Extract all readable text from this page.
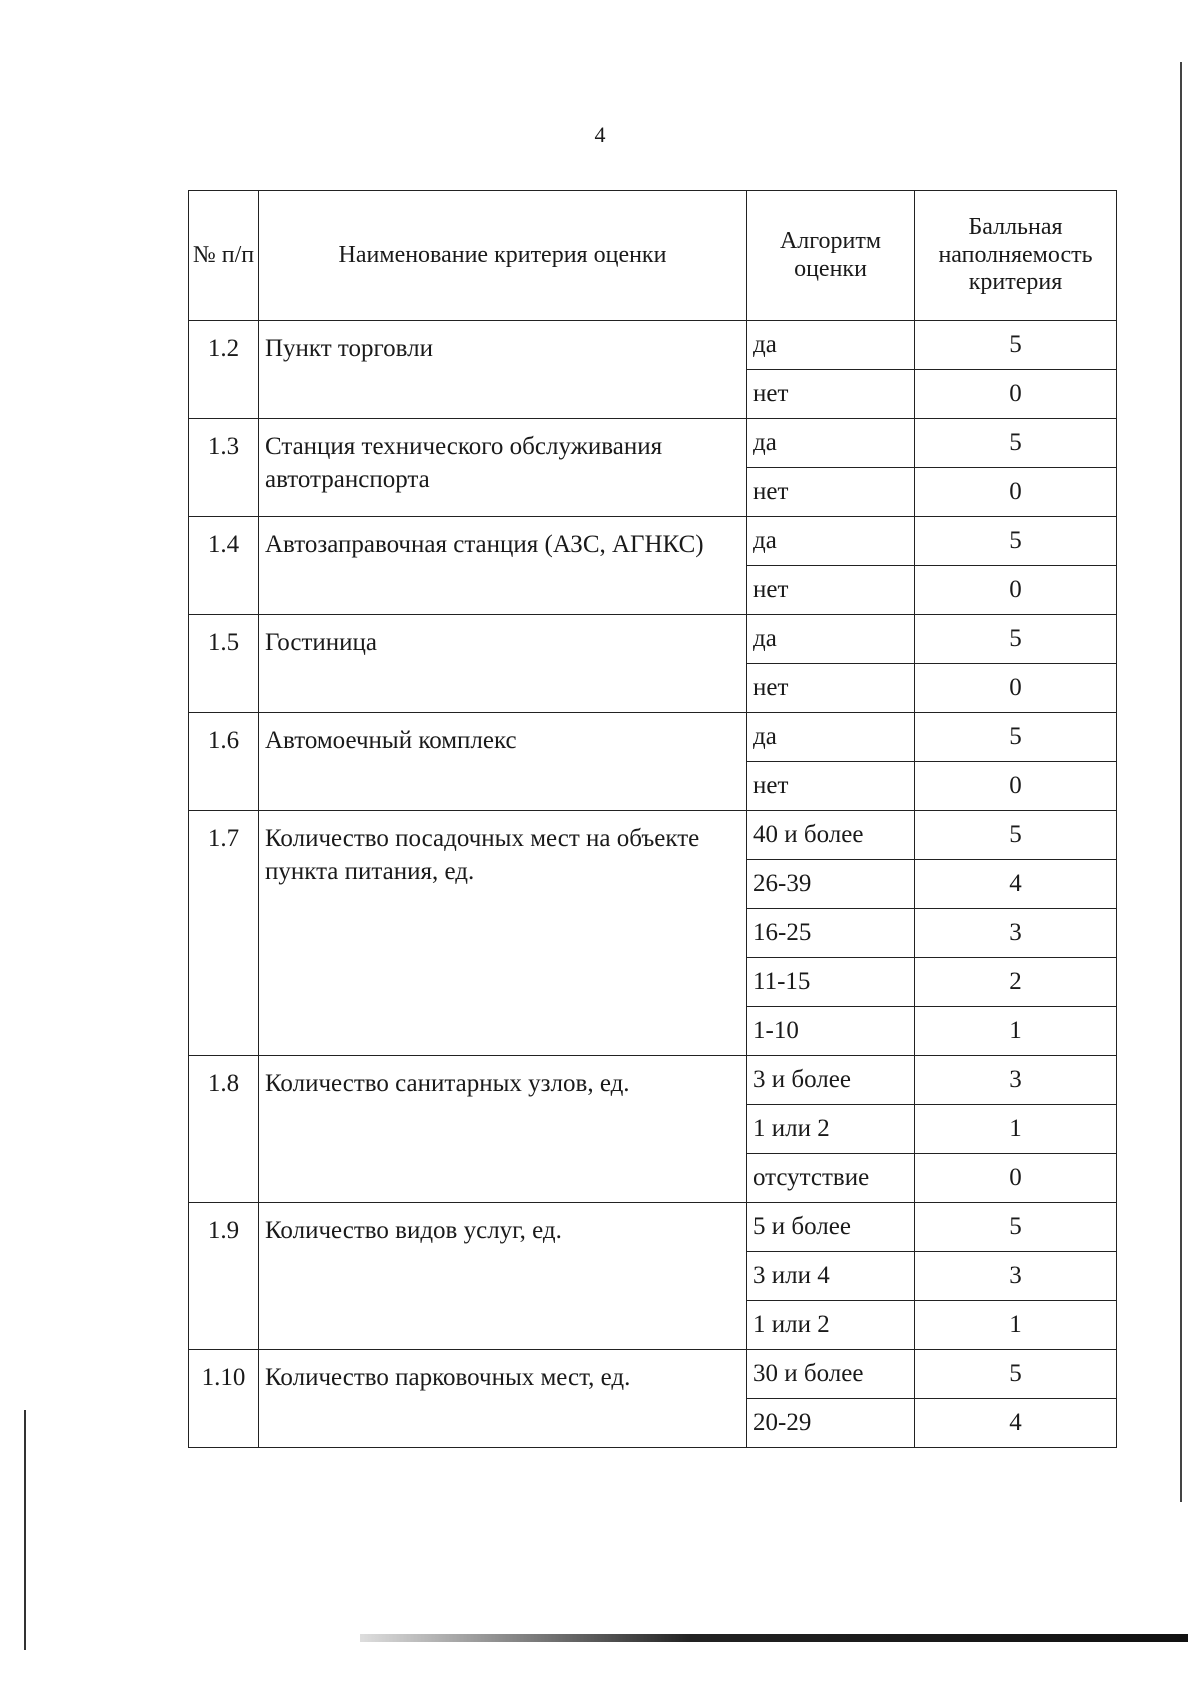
4
№ п/п	Наименование критерия оценки	Алгоритм оценки	Балльная наполняемость критерия
1.2	Пункт торговли	да	5
		нет	0
1.3	Станция технического обслуживания автотранспорта	да	5
		нет	0
1.4	Автозаправочная станция (АЗС, АГНКС)	да	5
		нет	0
1.5	Гостиница	да	5
		нет	0
1.6	Автомоечный комплекс	да	5
		нет	0
1.7	Количество посадочных мест на объекте пункта питания, ед.	40 и более	5
		26-39	4
		16-25	3
		11-15	2
		1-10	1
1.8	Количество санитарных узлов, ед.	3 и более	3
		1 или 2	1
		отсутствие	0
1.9	Количество видов услуг, ед.	5 и более	5
		3 или 4	3
		1 или 2	1
1.10	Количество парковочных мест, ед.	30 и более	5
		20-29	4
